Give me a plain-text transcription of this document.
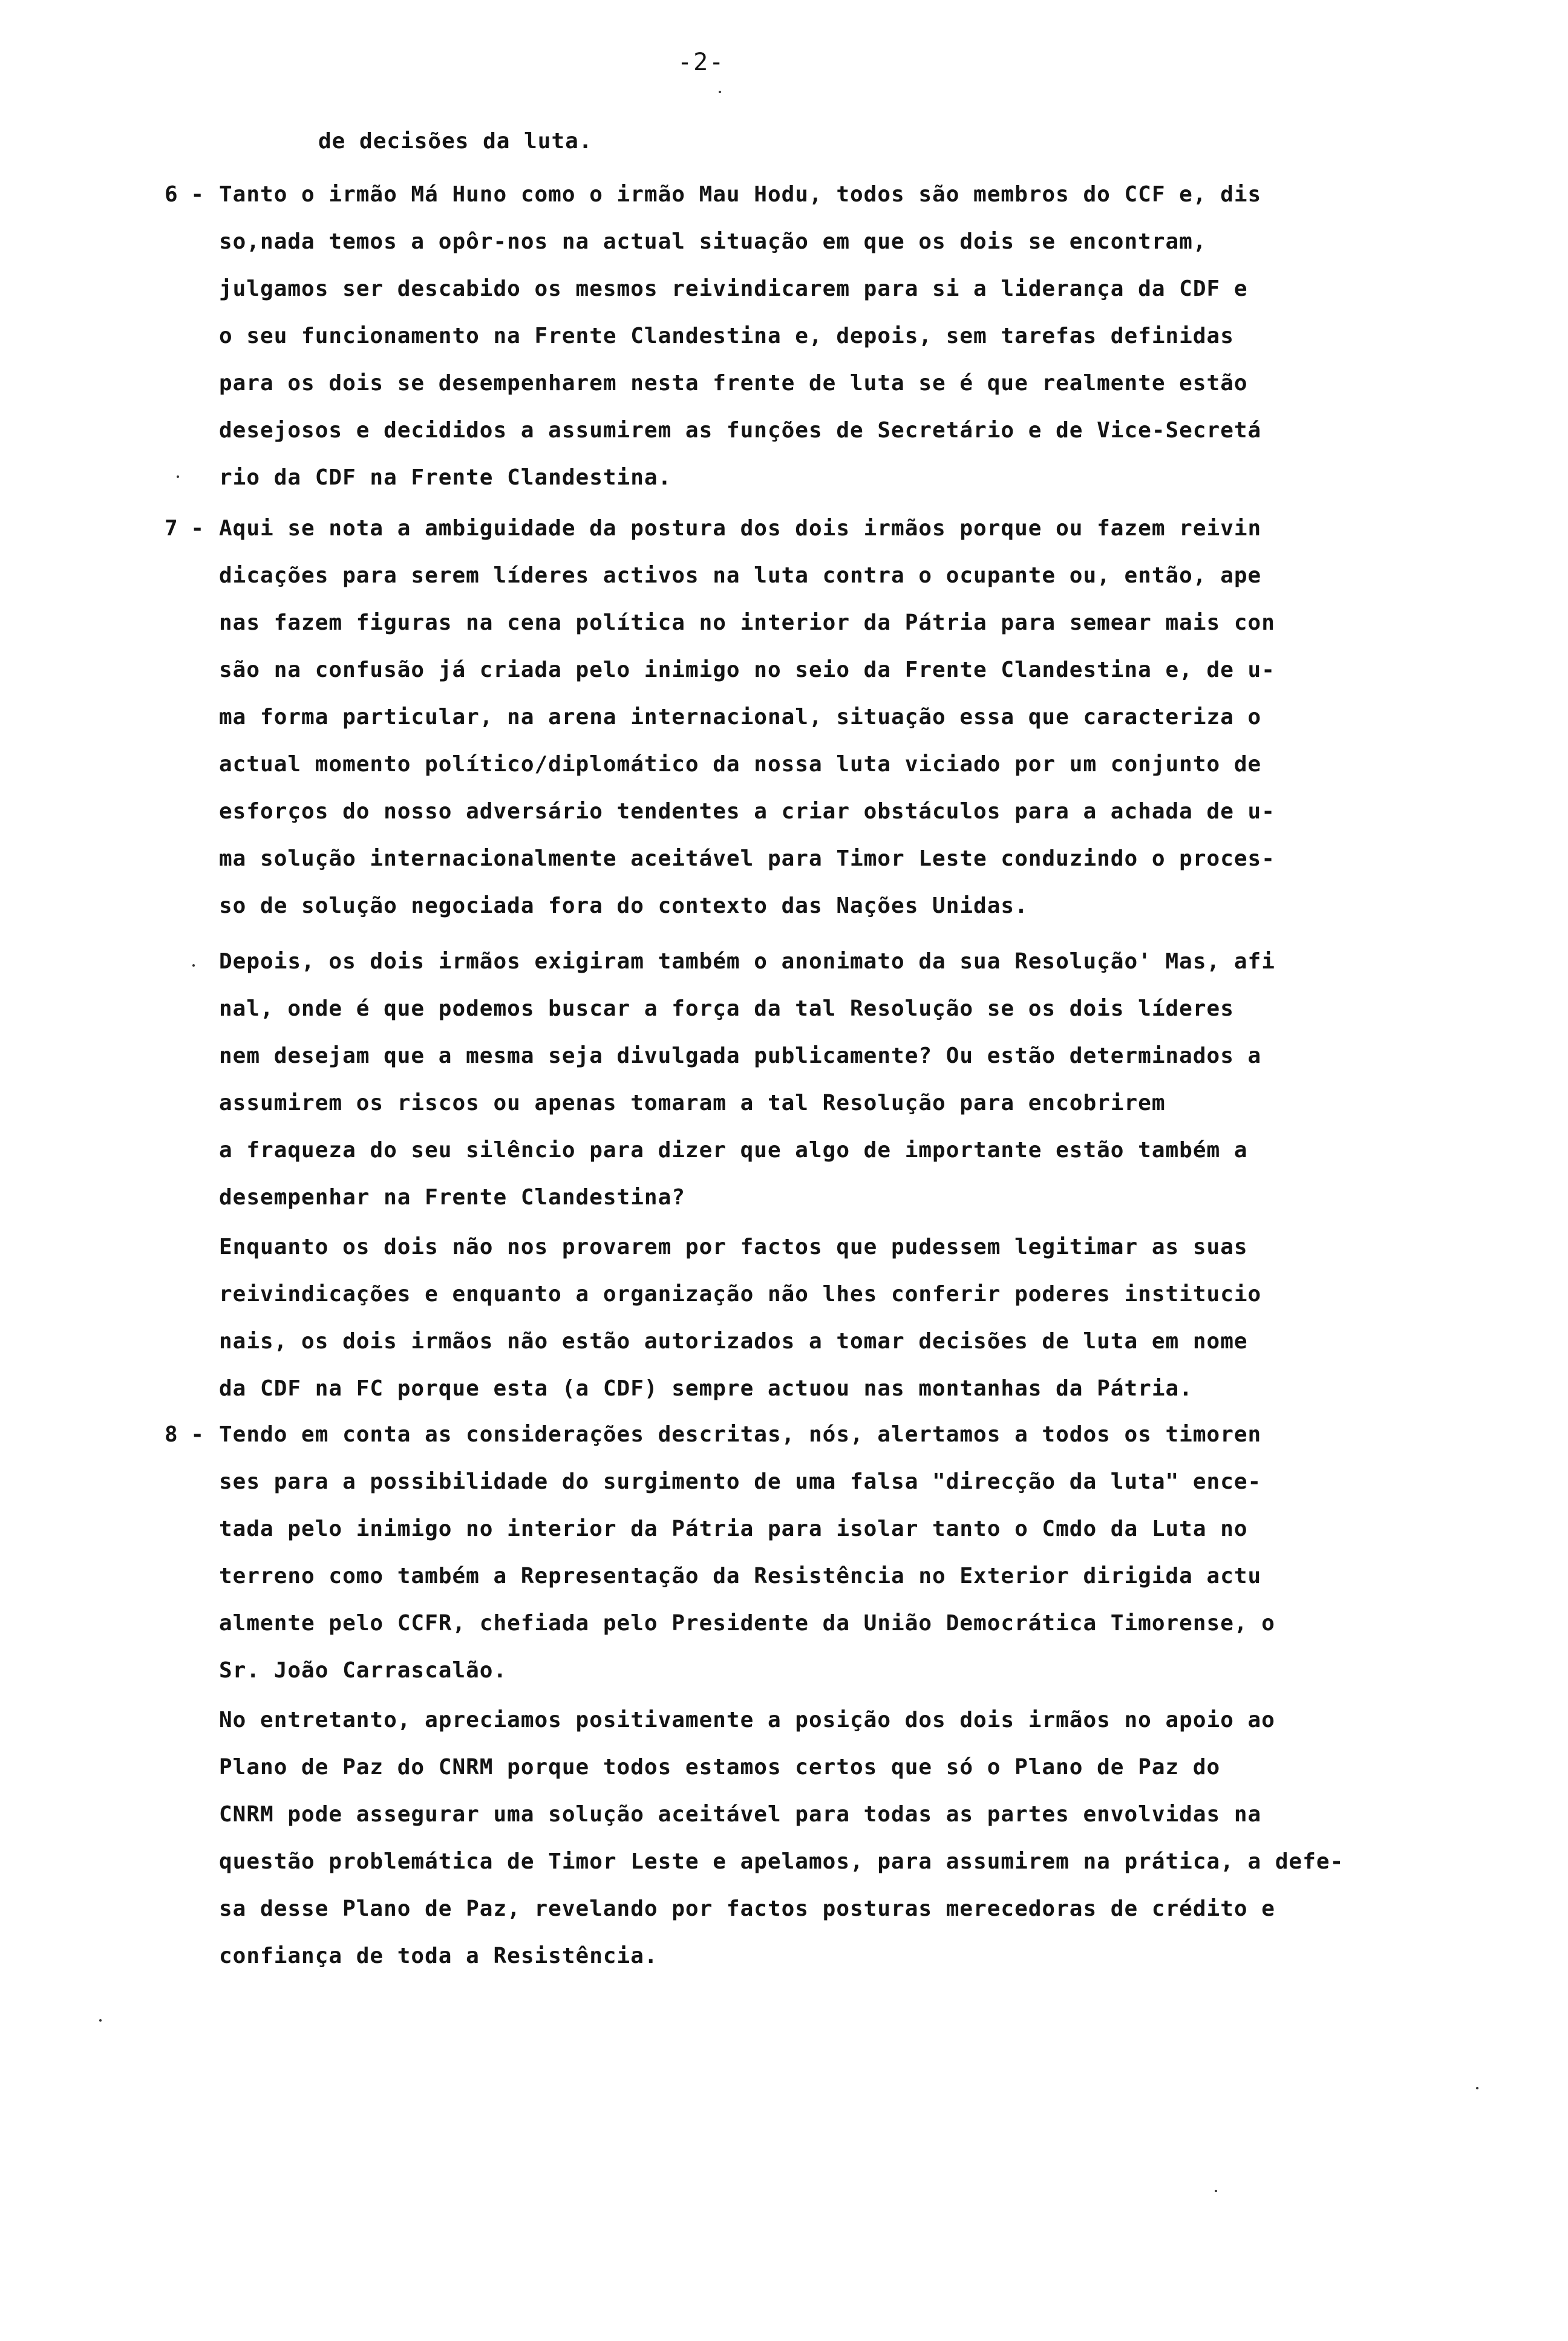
-2-
6 -
7 -
8 -
de decisões da luta.
Tanto o irmão Má Huno como o irmão Mau Hodu, todos são membros do CCF e, dis
so,nada temos a opôr-nos na actual situação em que os dois se encontram,
julgamos ser descabido os mesmos reivindicarem para si a liderança da CDF e
o seu funcionamento na Frente Clandestina e, depois, sem tarefas definidas
para os dois se desempenharem nesta frente de luta se é que realmente estão
desejosos e decididos a assumirem as funções de Secretário e de Vice-Secretá
rio da CDF na Frente Clandestina.
Aqui se nota a ambiguidade da postura dos dois irmãos porque ou fazem reivin
dicações para serem líderes activos na luta contra o ocupante ou, então, ape
nas fazem figuras na cena política no interior da Pátria para semear mais con
são na confusão já criada pelo inimigo no seio da Frente Clandestina e, de u-
ma forma particular, na arena internacional, situação essa que caracteriza o
actual momento político/diplomático da nossa luta viciado por um conjunto de
esforços do nosso adversário tendentes a criar obstáculos para a achada de u-
ma solução internacionalmente aceitável para Timor Leste conduzindo o proces-
so de solução negociada fora do contexto das Nações Unidas.
Depois, os dois irmãos exigiram também o anonimato da sua Resolução' Mas, afi
nal, onde é que podemos buscar a força da tal Resolução se os dois líderes
nem desejam que a mesma seja divulgada publicamente? Ou estão determinados a
assumirem os riscos ou apenas tomaram a tal Resolução para encobrirem
a fraqueza do seu silêncio para dizer que algo de importante estão também a
desempenhar na Frente Clandestina?
Enquanto os dois não nos provarem por factos que pudessem legitimar as suas
reivindicações e enquanto a organização não lhes conferir poderes institucio
nais, os dois irmãos não estão autorizados a tomar decisões de luta em nome
da CDF na FC porque esta (a CDF) sempre actuou nas montanhas da Pátria.
Tendo em conta as considerações descritas, nós, alertamos a todos os timoren
ses para a possibilidade do surgimento de uma falsa "direcção da luta" ence-
tada pelo inimigo no interior da Pátria para isolar tanto o Cmdo da Luta no
terreno como também a Representação da Resistência no Exterior dirigida actu
almente pelo CCFR, chefiada pelo Presidente da União Democrática Timorense, o
Sr. João Carrascalão.
No entretanto, apreciamos positivamente a posição dos dois irmãos no apoio ao
Plano de Paz do CNRM porque todos estamos certos que só o Plano de Paz do
CNRM pode assegurar uma solução aceitável para todas as partes envolvidas na
questão problemática de Timor Leste e apelamos, para assumirem na prática, a defe-
sa desse Plano de Paz, revelando por factos posturas merecedoras de crédito e
confiança de toda a Resistência.
